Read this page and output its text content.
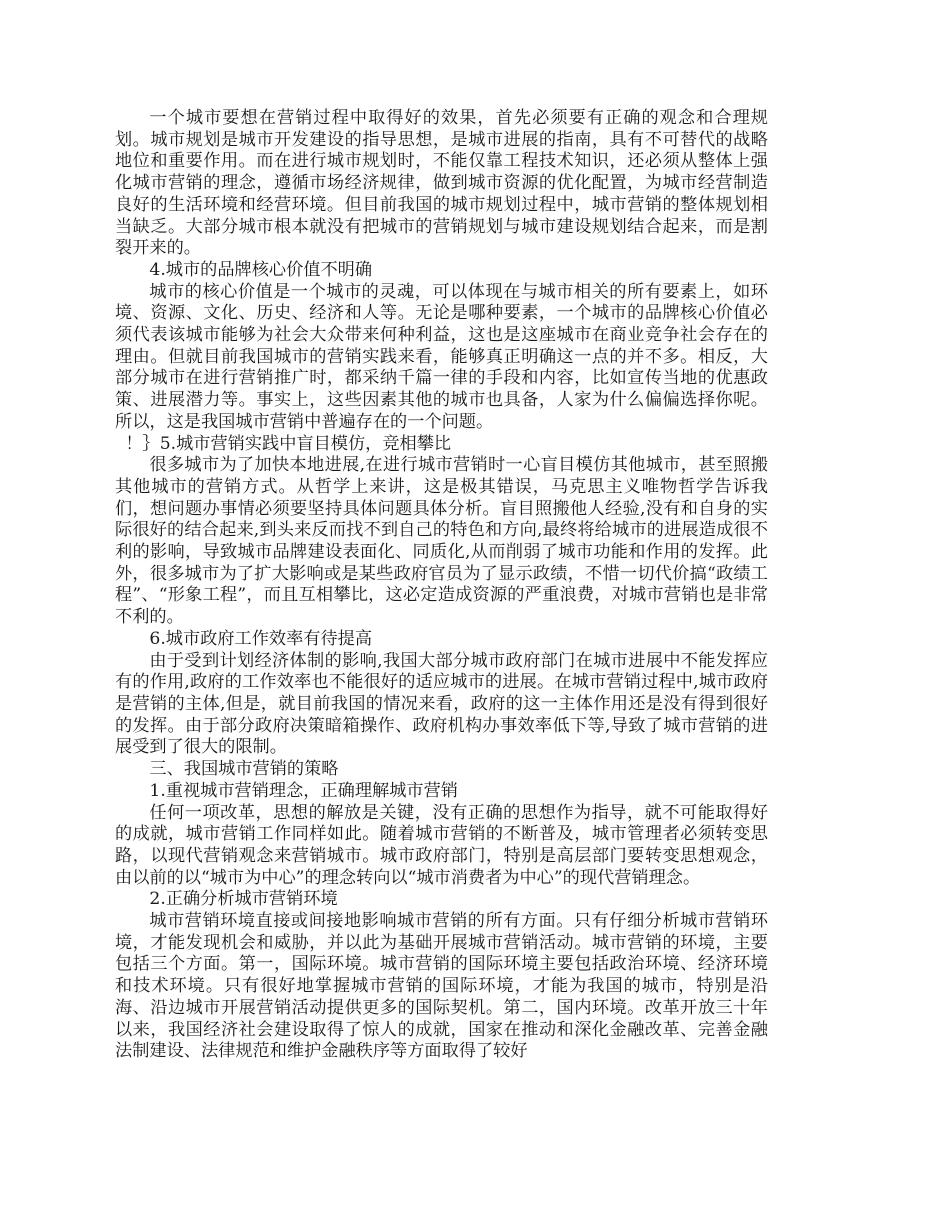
一个城市要想在营销过程中取得好的效果，首先必须要有正确的观念和合理规划。城市规划是城市开发建设的指导思想，是城市进展的指南，具有不可替代的战略地位和重要作用。而在进行城市规划时，不能仅靠工程技术知识，还必须从整体上强化城市营销的理念，遵循市场经济规律，做到城市资源的优化配置，为城市经营制造良好的生活环境和经营环境。但目前我国的城市规划过程中，城市营销的整体规划相当缺乏。大部分城市根本就没有把城市的营销规划与城市建设规划结合起来，而是割裂开来的。

4.城市的品牌核心价值不明确

城市的核心价值是一个城市的灵魂，可以体现在与城市相关的所有要素上，如环境、资源、文化、历史、经济和人等。无论是哪种要素，一个城市的品牌核心价值必须代表该城市能够为社会大众带来何种利益，这也是这座城市在商业竞争社会存在的理由。但就目前我国城市的营销实践来看，能够真正明确这一点的并不多。相反，大部分城市在进行营销推广时，都采纳千篇一律的手段和内容，比如宣传当地的优惠政策、进展潜力等。事实上，这些因素其他的城市也具备，人家为什么偏偏选择你呢。所以，这是我国城市营销中普遍存在的一个问题。

！｝5.城市营销实践中盲目模仿，竞相攀比

很多城市为了加快本地进展,在进行城市营销时一心盲目模仿其他城市，甚至照搬其他城市的营销方式。从哲学上来讲，这是极其错误，马克思主义唯物哲学告诉我们，想问题办事情必须要坚持具体问题具体分析。盲目照搬他人经验,没有和自身的实际很好的结合起来,到头来反而找不到自己的特色和方向,最终将给城市的进展造成很不利的影响，导致城市品牌建设表面化、同质化,从而削弱了城市功能和作用的发挥。此外，很多城市为了扩大影响或是某些政府官员为了显示政绩，不惜一切代价搞“政绩工程”、“形象工程”，而且互相攀比，这必定造成资源的严重浪费，对城市营销也是非常不利的。

6.城市政府工作效率有待提高

由于受到计划经济体制的影响,我国大部分城市政府部门在城市进展中不能发挥应有的作用,政府的工作效率也不能很好的适应城市的进展。在城市营销过程中,城市政府是营销的主体,但是，就目前我国的情况来看，政府的这一主体作用还是没有得到很好的发挥。由于部分政府决策暗箱操作、政府机构办事效率低下等,导致了城市营销的进展受到了很大的限制。

三、我国城市营销的策略

1.重视城市营销理念，正确理解城市营销

任何一项改革，思想的解放是关键，没有正确的思想作为指导，就不可能取得好的成就，城市营销工作同样如此。随着城市营销的不断普及，城市管理者必须转变思路，以现代营销观念来营销城市。城市政府部门，特别是高层部门要转变思想观念，由以前的以“城市为中心”的理念转向以“城市消费者为中心”的现代营销理念。

2.正确分析城市营销环境

城市营销环境直接或间接地影响城市营销的所有方面。只有仔细分析城市营销环境，才能发现机会和威胁，并以此为基础开展城市营销活动。城市营销的环境，主要包括三个方面。第一，国际环境。城市营销的国际环境主要包括政治环境、经济环境和技术环境。只有很好地掌握城市营销的国际环境，才能为我国的城市，特别是沿海、沿边城市开展营销活动提供更多的国际契机。第二，国内环境。改革开放三十年以来，我国经济社会建设取得了惊人的成就，国家在推动和深化金融改革、完善金融法制建设、法律规范和维护金融秩序等方面取得了较好
